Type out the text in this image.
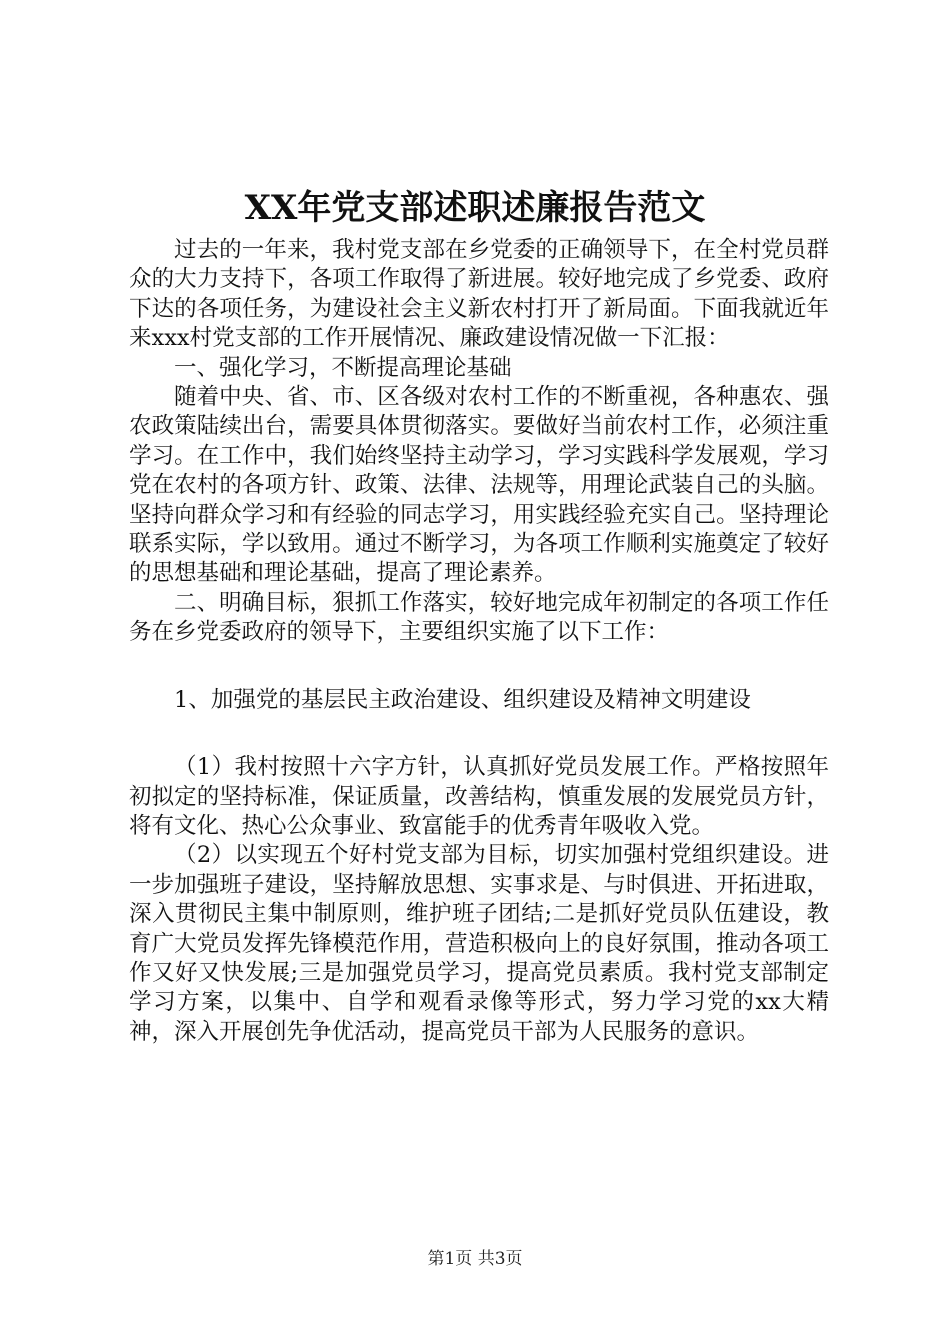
XX年党支部述职述廉报告范文

过去的一年来，我村党支部在乡党委的正确领导下，在全村党员群众的大力支持下，各项工作取得了新进展。较好地完成了乡党委、政府下达的各项任务，为建设社会主义新农村打开了新局面。下面我就近年来xxx村党支部的工作开展情况、廉政建设情况做一下汇报：

一、强化学习，不断提高理论基础

随着中央、省、市、区各级对农村工作的不断重视，各种惠农、强农政策陆续出台，需要具体贯彻落实。要做好当前农村工作，必须注重学习。在工作中，我们始终坚持主动学习，学习实践科学发展观，学习党在农村的各项方针、政策、法律、法规等，用理论武装自己的头脑。坚持向群众学习和有经验的同志学习，用实践经验充实自己。坚持理论联系实际，学以致用。通过不断学习，为各项工作顺利实施奠定了较好的思想基础和理论基础，提高了理论素养。

二、明确目标，狠抓工作落实，较好地完成年初制定的各项工作任务在乡党委政府的领导下，主要组织实施了以下工作：

1、加强党的基层民主政治建设、组织建设及精神文明建设

（1）我村按照十六字方针，认真抓好党员发展工作。严格按照年初拟定的坚持标准，保证质量，改善结构，慎重发展的发展党员方针，将有文化、热心公众事业、致富能手的优秀青年吸收入党。

（2）以实现五个好村党支部为目标，切实加强村党组织建设。进一步加强班子建设，坚持解放思想、实事求是、与时俱进、开拓进取，深入贯彻民主集中制原则，维护班子团结;二是抓好党员队伍建设，教育广大党员发挥先锋模范作用，营造积极向上的良好氛围，推动各项工作又好又快发展;三是加强党员学习，提高党员素质。我村党支部制定学习方案，以集中、自学和观看录像等形式，努力学习党的xx大精神，深入开展创先争优活动，提高党员干部为人民服务的意识。

第1页 共3页
